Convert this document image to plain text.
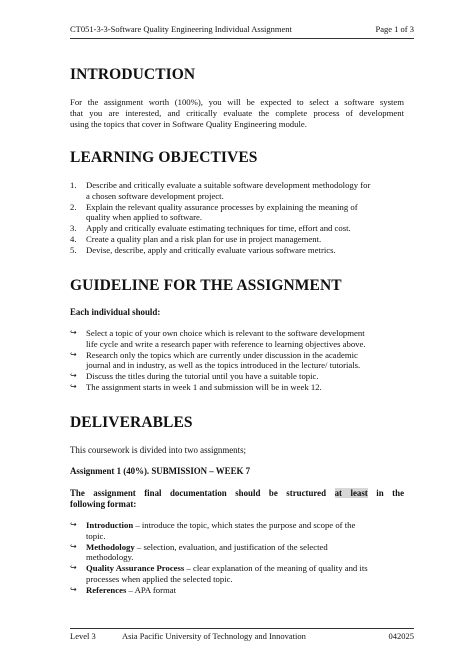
CT051-3-3-Software Quality Engineering Individual Assignment	Page 1 of 3
INTRODUCTION
For the assignment worth (100%), you will be expected to select a software system
that you are interested, and critically evaluate the complete process of development
using the topics that cover in Software Quality Engineering module.
LEARNING OBJECTIVES
1. Describe and critically evaluate a suitable software development methodology for
a chosen software development project.
2. Explain the relevant quality assurance processes by explaining the meaning of
quality when applied to software.
3. Apply and critically evaluate estimating techniques for time, effort and cost.
4. Create a quality plan and a risk plan for use in project management.
5. Devise, describe, apply and critically evaluate various software metrics.
GUIDELINE FOR THE ASSIGNMENT
Each individual should:
↪ Select a topic of your own choice which is relevant to the software development
life cycle and write a research paper with reference to learning objectives above.
↪ Research only the topics which are currently under discussion in the academic
journal and in industry, as well as the topics introduced in the lecture/ tutorials.
↪ Discuss the titles during the tutorial until you have a suitable topic.
↪ The assignment starts in week 1 and submission will be in week 12.
DELIVERABLES
This coursework is divided into two assignments;
Assignment 1 (40%). SUBMISSION – WEEK 7
The assignment final documentation should be structured at least in the
following format:
↪ Introduction – introduce the topic, which states the purpose and scope of the
topic.
↪ Methodology – selection, evaluation, and justification of the selected
methodology.
↪ Quality Assurance Process – clear explanation of the meaning of quality and its
processes when applied the selected topic.
↪ References – APA format
Level 3	Asia Pacific University of Technology and Innovation	042025
